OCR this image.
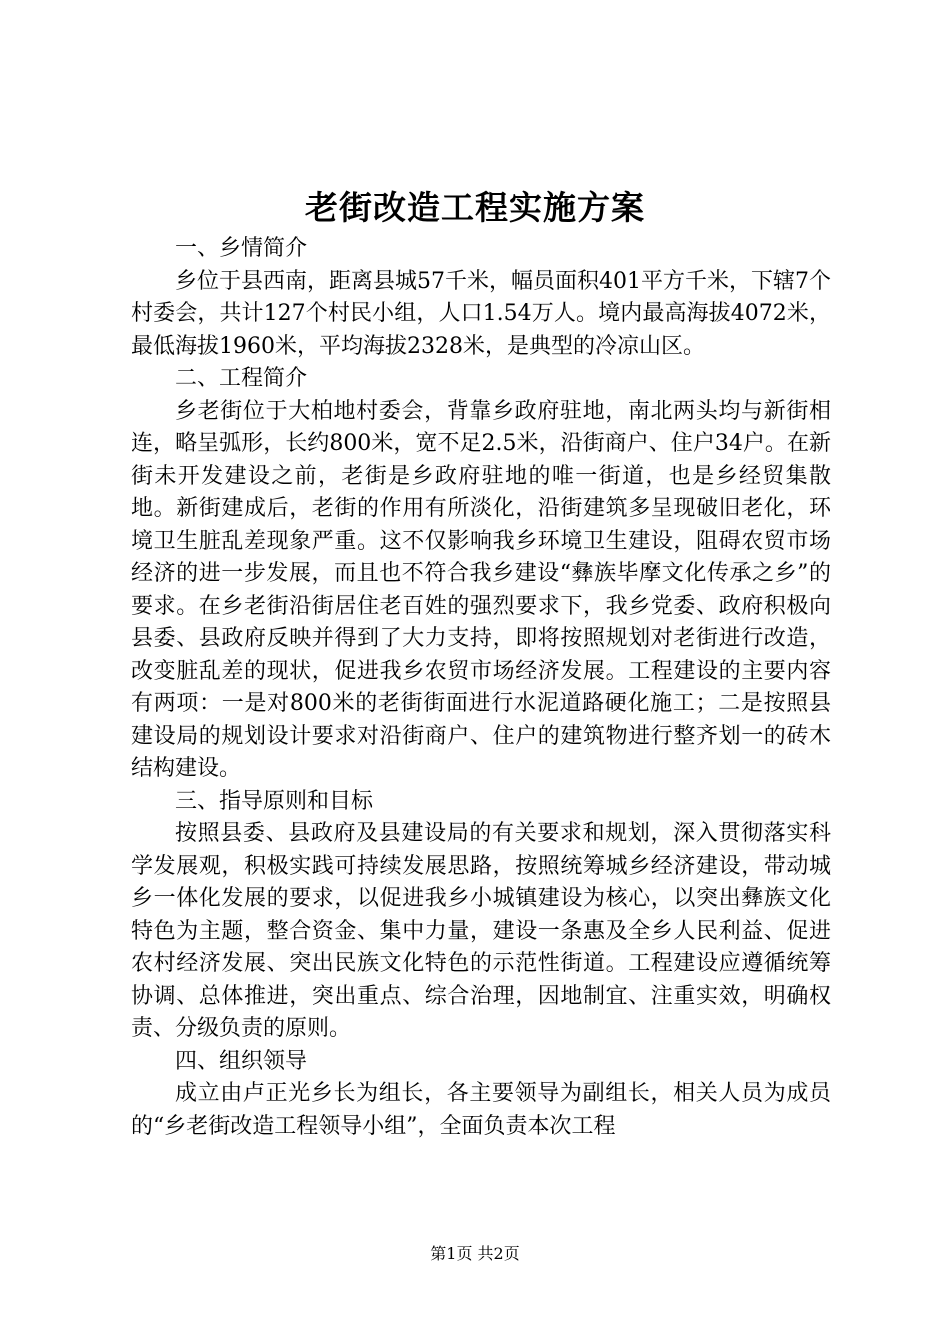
老街改造工程实施方案

一、乡情简介

乡位于县西南，距离县城57千米，幅员面积401平方千米，下辖7个村委会，共计127个村民小组，人口1.54万人。境内最高海拔4072米，最低海拔1960米，平均海拔2328米，是典型的冷凉山区。

二、工程简介

乡老街位于大柏地村委会，背靠乡政府驻地，南北两头均与新街相连，略呈弧形，长约800米，宽不足2.5米，沿街商户、住户34户。在新街未开发建设之前，老街是乡政府驻地的唯一街道，也是乡经贸集散地。新街建成后，老街的作用有所淡化，沿街建筑多呈现破旧老化，环境卫生脏乱差现象严重。这不仅影响我乡环境卫生建设，阻碍农贸市场经济的进一步发展，而且也不符合我乡建设“彝族毕摩文化传承之乡”的要求。在乡老街沿街居住老百姓的强烈要求下，我乡党委、政府积极向县委、县政府反映并得到了大力支持，即将按照规划对老街进行改造，改变脏乱差的现状，促进我乡农贸市场经济发展。工程建设的主要内容有两项：一是对800米的老街街面进行水泥道路硬化施工；二是按照县建设局的规划设计要求对沿街商户、住户的建筑物进行整齐划一的砖木结构建设。

三、指导原则和目标

按照县委、县政府及县建设局的有关要求和规划，深入贯彻落实科学发展观，积极实践可持续发展思路，按照统筹城乡经济建设，带动城乡一体化发展的要求，以促进我乡小城镇建设为核心，以突出彝族文化特色为主题，整合资金、集中力量，建设一条惠及全乡人民利益、促进农村经济发展、突出民族文化特色的示范性街道。工程建设应遵循统筹协调、总体推进，突出重点、综合治理，因地制宜、注重实效，明确权责、分级负责的原则。

四、组织领导

成立由卢正光乡长为组长，各主要领导为副组长，相关人员为成员的“乡老街改造工程领导小组”，全面负责本次工程

第1页 共2页
